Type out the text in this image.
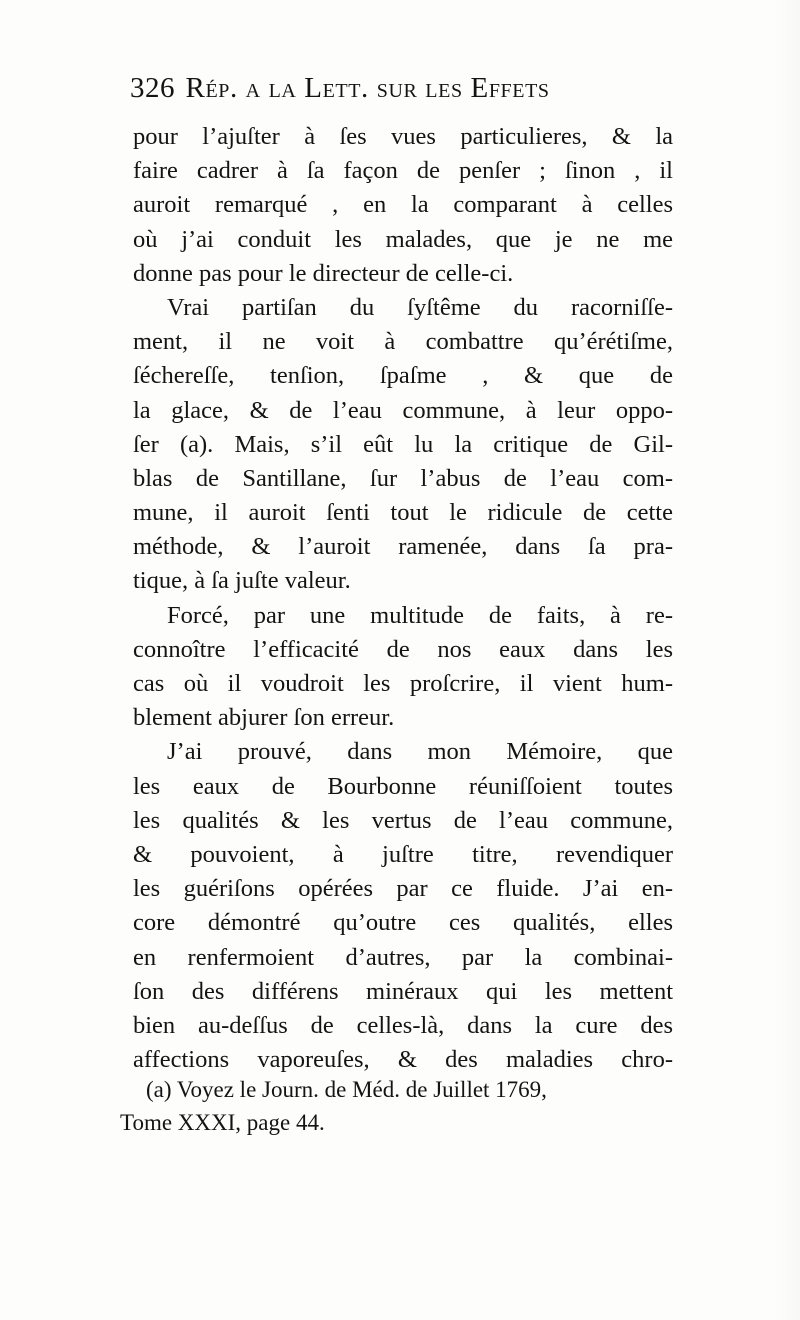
326 Rép. a la Lett. sur les Effets
pour l’ajuſter à ſes vues particulieres, & la
faire cadrer à ſa façon de penſer ; ſinon , il
auroit remarqué , en la comparant à celles
où j’ai conduit les malades, que je ne me
donne pas pour le directeur de celle-ci.
Vrai partiſan du ſyſtême du racorniſſe-
ment, il ne voit à combattre qu’érétiſme,
ſéchereſſe, tenſion, ſpaſme , & que de
la glace, & de l’eau commune, à leur oppo-
ſer (a). Mais, s’il eût lu la critique de Gil-
blas de Santillane, ſur l’abus de l’eau com-
mune, il auroit ſenti tout le ridicule de cette
méthode, & l’auroit ramenée, dans ſa pra-
tique, à ſa juſte valeur.
Forcé, par une multitude de faits, à re-
connoître l’efficacité de nos eaux dans les
cas où il voudroit les proſcrire, il vient hum-
blement abjurer ſon erreur.
J’ai prouvé, dans mon Mémoire, que
les eaux de Bourbonne réuniſſoient toutes
les qualités & les vertus de l’eau commune,
& pouvoient, à juſtre titre, revendiquer
les guériſons opérées par ce fluide. J’ai en-
core démontré qu’outre ces qualités, elles
en renfermoient d’autres, par la combinai-
ſon des différens minéraux qui les mettent
bien au-deſſus de celles-là, dans la cure des
affections vaporeuſes, & des maladies chro-
(a) Voyez le Journ. de Méd. de Juillet 1769,
Tome XXXI, page 44.
